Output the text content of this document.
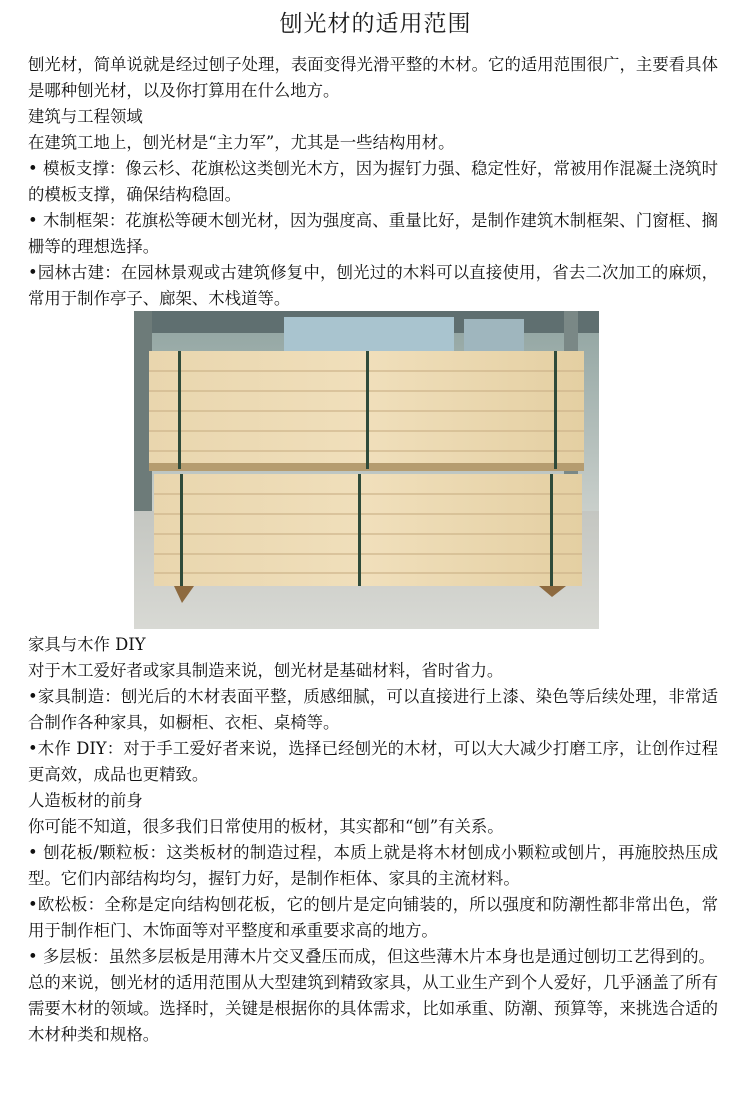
刨光材的适用范围

刨光材，简单说就是经过刨子处理，表面变得光滑平整的木材。它的适用范围很广，主要看具体是哪种刨光材，以及你打算用在什么地方。

建筑与工程领域

在建筑工地上，刨光材是“主力军”，尤其是一些结构用材。

• 模板支撑：像云杉、花旗松这类刨光木方，因为握钉力强、稳定性好，常被用作混凝土浇筑时的模板支撑，确保结构稳固。

• 木制框架：花旗松等硬木刨光材，因为强度高、重量比好，是制作建筑木制框架、门窗框、搁栅等的理想选择。

•园林古建：在园林景观或古建筑修复中，刨光过的木料可以直接使用，省去二次加工的麻烦，常用于制作亭子、廊架、木栈道等。

家具与木作 DIY

对于木工爱好者或家具制造来说，刨光材是基础材料，省时省力。

•家具制造：刨光后的木材表面平整，质感细腻，可以直接进行上漆、染色等后续处理，非常适合制作各种家具，如橱柜、衣柜、桌椅等。

•木作 DIY：对于手工爱好者来说，选择已经刨光的木材，可以大大减少打磨工序，让创作过程更高效，成品也更精致。

人造板材的前身

你可能不知道，很多我们日常使用的板材，其实都和“刨”有关系。

• 刨花板/颗粒板：这类板材的制造过程，本质上就是将木材刨成小颗粒或刨片，再施胶热压成型。它们内部结构均匀，握钉力好，是制作柜体、家具的主流材料。

•欧松板：全称是定向结构刨花板，它的刨片是定向铺装的，所以强度和防潮性都非常出色，常用于制作柜门、木饰面等对平整度和承重要求高的地方。

• 多层板：虽然多层板是用薄木片交叉叠压而成，但这些薄木片本身也是通过刨切工艺得到的。

总的来说，刨光材的适用范围从大型建筑到精致家具，从工业生产到个人爱好，几乎涵盖了所有需要木材的领域。选择时，关键是根据你的具体需求，比如承重、防潮、预算等，来挑选合适的木材种类和规格。
